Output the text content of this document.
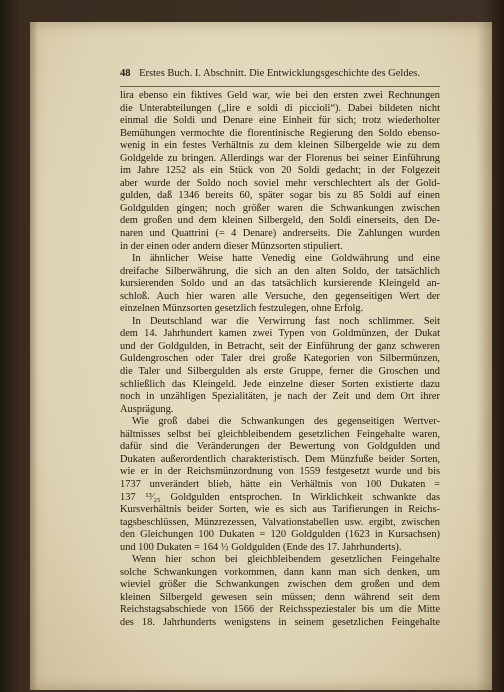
48 Erstes Buch. I. Abschnitt. Die Entwicklungsgeschichte des Geldes.
lira ebenso ein fiktives Geld war, wie bei den ersten zwei Rechnungen
die Unterabteilungen („lire e soldi di piccioli“). Dabei bildeten nicht
einmal die Soldi und Denare eine Einheit für sich; trotz wiederholter
Bemühungen vermochte die florentinische Regierung den Soldo ebenso-
wenig in ein festes Verhältnis zu dem kleinen Silbergelde wie zu dem
Goldgelde zu bringen. Allerdings war der Florenus bei seiner Einführung
im Jahre 1252 als ein Stück von 20 Soldi gedacht; in der Folgezeit
aber wurde der Soldo noch soviel mehr verschlechtert als der Gold-
gulden, daß 1346 bereits 60, später sogar bis zu 85 Soldi auf einen
Goldgulden gingen; noch größer waren die Schwankungen zwischen
dem großen und dem kleinen Silbergeld, den Soldi einerseits, den De-
naren und Quattrini (= 4 Denare) andrerseits. Die Zahlungen wurden
in der einen oder andern dieser Münzsorten stipuliert.
In ähnlicher Weise hatte Venedig eine Goldwährung und eine
dreifache Silberwährung, die sich an den alten Soldo, der tatsächlich
kursierenden Soldo und an das tatsächlich kursierende Kleingeld an-
schloß. Auch hier waren alle Versuche, den gegenseitigen Wert der
einzelnen Münzsorten gesetzlich festzulegen, ohne Erfolg.
In Deutschland war die Verwirrung fast noch schlimmer. Seit
dem 14. Jahrhundert kamen zwei Typen von Goldmünzen, der Dukat
und der Goldgulden, in Betracht, seit der Einführung der ganz schweren
Guldengroschen oder Taler drei große Kategorien von Silbermünzen,
die Taler und Silbergulden als erste Gruppe, ferner die Groschen und
schließlich das Kleingeld. Jede einzelne dieser Sorten existierte dazu
noch in unzähligen Spezialitäten, je nach der Zeit und dem Ort ihrer
Ausprägung.
Wie groß dabei die Schwankungen des gegenseitigen Wertver-
hältnisses selbst bei gleichbleibendem gesetzlichen Feingehalte waren,
dafür sind die Veränderungen der Bewertung von Goldgulden und
Dukaten außerordentlich charakteristisch. Dem Münzfuße beider Sorten,
wie er in der Reichsmünzordnung von 1559 festgesetzt wurde und bis
1737 unverändert blieb, hätte ein Verhältnis von 100 Dukaten =
137 ¹³⁄₂₅ Goldgulden entsprochen. In Wirklichkeit schwankte das
Kursverhältnis beider Sorten, wie es sich aus Tarifierungen in Reichs-
tagsbeschlüssen, Münzrezessen, Valvationstabellen usw. ergibt, zwischen
den Gleichungen 100 Dukaten = 120 Goldgulden (1623 in Kursachsen)
und 100 Dukaten = 164 ½ Goldgulden (Ende des 17. Jahrhunderts).
Wenn hier schon bei gleichbleibendem gesetzlichen Feingehalte
solche Schwankungen vorkommen, dann kann man sich denken, um
wieviel größer die Schwankungen zwischen dem großen und dem
kleinen Silbergeld gewesen sein müssen; denn während seit dem
Reichstagsabschiede von 1566 der Reichsspeziestaler bis um die Mitte
des 18. Jahrhunderts wenigstens in seinem gesetzlichen Feingehalte
